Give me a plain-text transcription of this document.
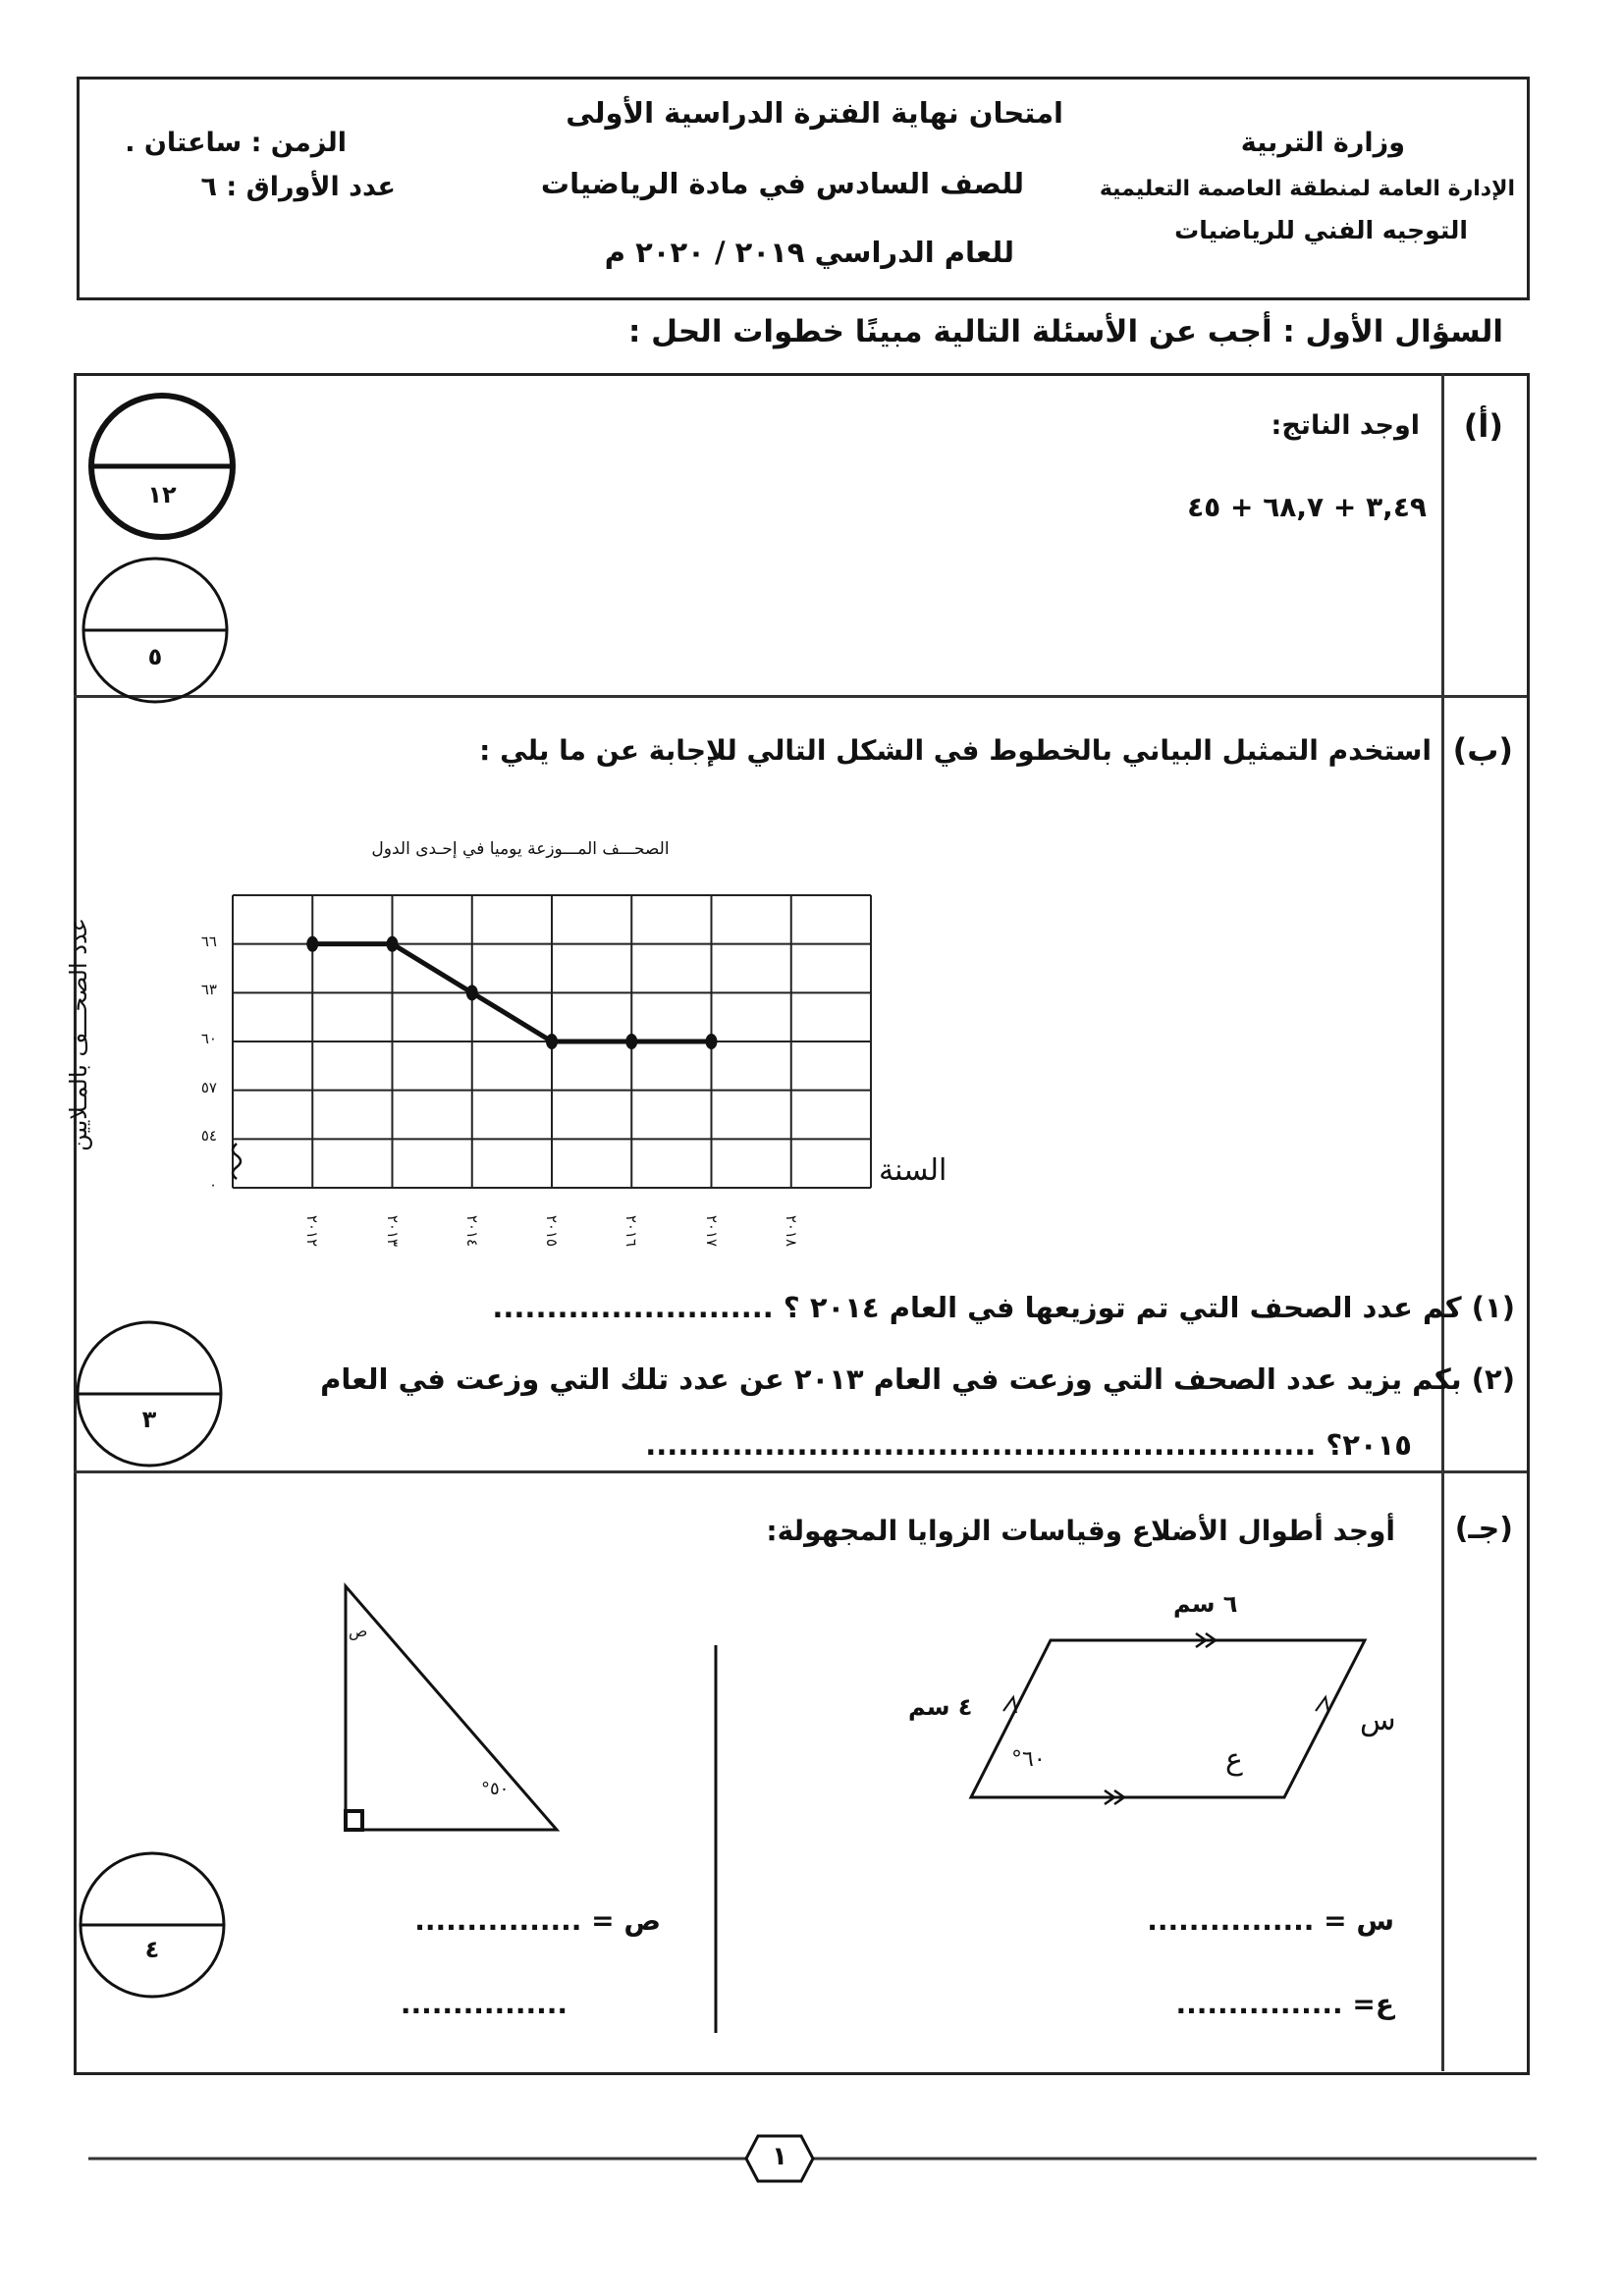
وزارة التربية
الإدارة العامة لمنطقة العاصمة التعليمية
التوجيه الفني للرياضيات
امتحان نهاية الفترة الدراسية الأولى
للصف السادس في مادة الرياضيات
للعام الدراسي ٢٠١٩ / ٢٠٢٠ م
الزمن : ساعتان .
عدد الأوراق : ٦
السؤال الأول : أجب عن الأسئلة التالية مبينًا خطوات الحل :
١٢
٥
٣
٤
(أ)
اوجد الناتج:
٣,٤٩ + ٦٨,٧ + ٤٥
(ب)
استخدم التمثيل البياني بالخطوط في الشكل التالي للإجابة عن ما يلي :
الصحـــف المـــوزعة يوميا في إحـدى الدول
عدد الصحـــف بالمـلايين
السنة
٦٦
٦٣
٦٠
٥٧
٥٤
٠
٢٠١٢	٢٠١٣	٢٠١٤	٢٠١٥	٢٠١٦	٢٠١٧	٢٠١٨
(١) كم عدد الصحف التي تم توزيعها في العام ٢٠١٤ ؟ ..........................
(٢) بكم يزيد عدد الصحف التي وزعت في العام ٢٠١٣ عن عدد تلك التي وزعت في العام
٢٠١٥؟ ..............................................................
(جـ)
أوجد أطوال الأضلاع وقياسات الزوايا المجهولة:
٦ سم
٤ سم
٦٠°
س
ع
ص
٥٠°
س = ................
ع= ................
ص = ................
................
١
